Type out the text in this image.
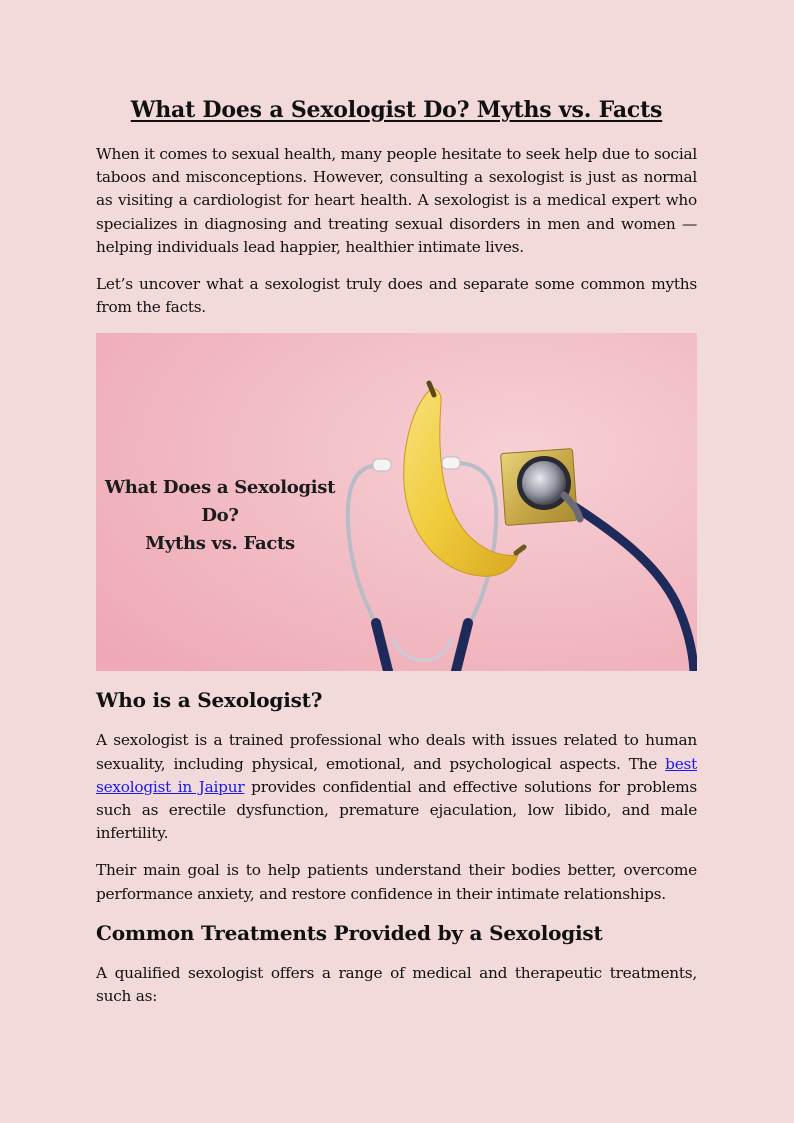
What Does a Sexologist Do? Myths vs. Facts

When it comes to sexual health, many people hesitate to seek help due to social taboos and misconceptions. However, consulting a sexologist is just as normal as visiting a cardiologist for heart health. A sexologist is a medical expert who specializes in diagnosing and treating sexual disorders in men and women — helping individuals lead happier, healthier intimate lives.

Let’s uncover what a sexologist truly does and separate some common myths from the facts.

What Does a Sexologist Do?
Myths vs. Facts
Who is a Sexologist?

A sexologist is a trained professional who deals with issues related to human sexuality, including physical, emotional, and psychological aspects. The best sexologist in Jaipur provides confidential and effective solutions for problems such as erectile dysfunction, premature ejaculation, low libido, and male infertility.

Their main goal is to help patients understand their bodies better, overcome performance anxiety, and restore confidence in their intimate relationships.

Common Treatments Provided by a Sexologist

A qualified sexologist offers a range of medical and therapeutic treatments, such as:
